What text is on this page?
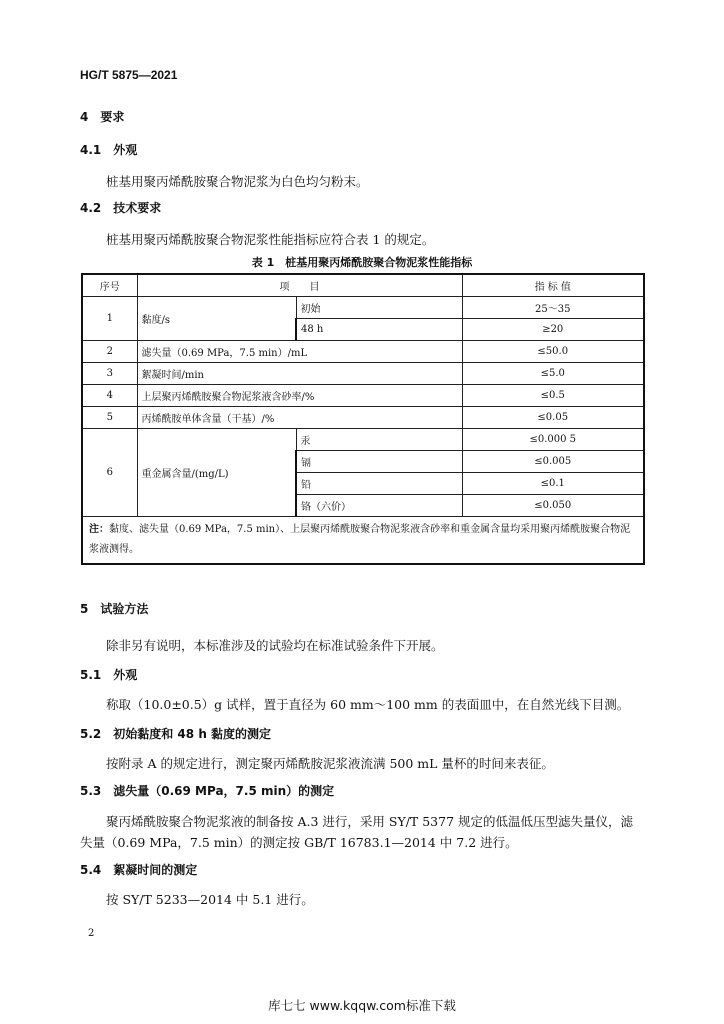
HG/T 5875—2021
4　要求
4.1　外观
桩基用聚丙烯酰胺聚合物泥浆为白色均匀粉末。
4.2　技术要求
桩基用聚丙烯酰胺聚合物泥浆性能指标应符合表 1 的规定。
表 1　桩基用聚丙烯酰胺聚合物泥浆性能指标
序号	项　　目		指 标 值
1	黏度/s	初始	25～35
		48 h	≥20
2	滤失量（0.69 MPa，7.5 min）/mL		≤50.0
3	絮凝时间/min		≤5.0
4	上层聚丙烯酰胺聚合物泥浆液含砂率/%		≤0.5
5	丙烯酰胺单体含量（干基）/%		≤0.05
6	重金属含量/(mg/L)	汞	≤0.000 5
		镉	≤0.005
		铅	≤0.1
		铬（六价）	≤0.050
注：黏度、滤失量（0.69 MPa，7.5 min）、上层聚丙烯酰胺聚合物泥浆液含砂率和重金属含量均采用聚丙烯酰胺聚合物泥浆液测得。			
5　试验方法
除非另有说明，本标准涉及的试验均在标准试验条件下开展。
5.1　外观
称取（10.0±0.5）g 试样，置于直径为 60 mm～100 mm 的表面皿中，在自然光线下目测。
5.2　初始黏度和 48 h 黏度的测定
按附录 A 的规定进行，测定聚丙烯酰胺泥浆液流满 500 mL 量杯的时间来表征。
5.3　滤失量（0.69 MPa，7.5 min）的测定
聚丙烯酰胺聚合物泥浆液的制备按 A.3 进行，采用 SY/T 5377 规定的低温低压型滤失量仪，滤
失量（0.69 MPa，7.5 min）的测定按 GB/T 16783.1—2014 中 7.2 进行。
5.4　絮凝时间的测定
按 SY/T 5233—2014 中 5.1 进行。
2
库七七 www.kqqw.com标准下载
